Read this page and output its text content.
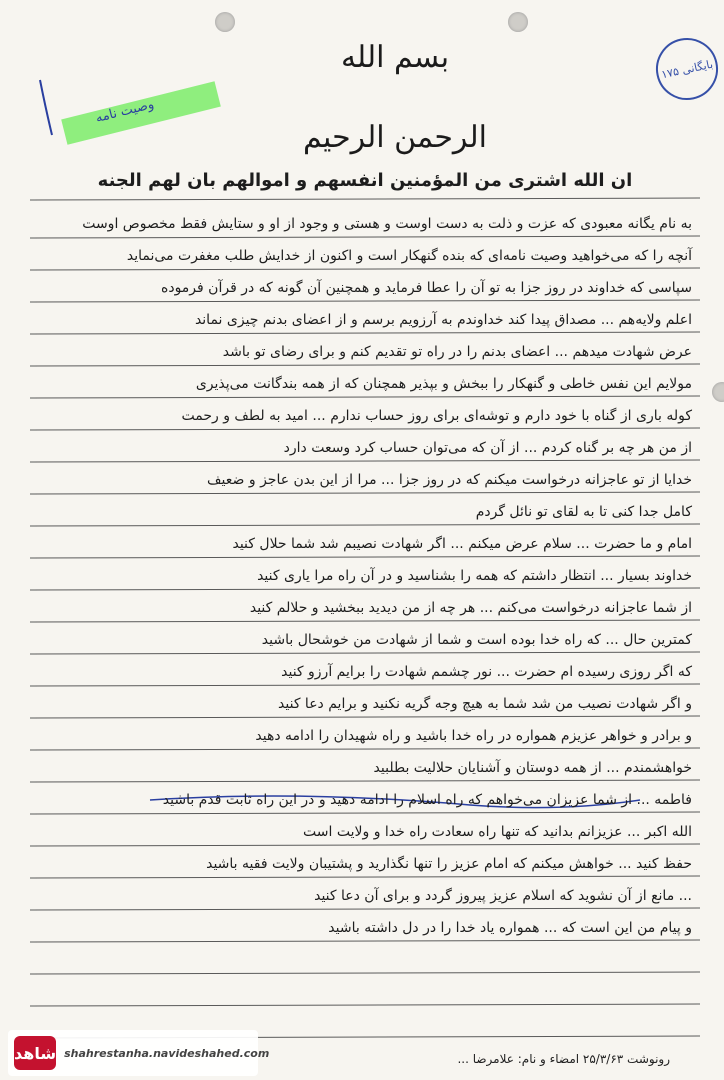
بسم الله الرحمن الرحیم
بایگانی ۱۷۵
وصیت نامه
ان الله اشتری من المؤمنین انفسهم و اموالهم بان لهم الجنه
به نام یگانه معبودی که عزت و ذلت به دست اوست و هستی و وجود از او و ستایش فقط مخصوص اوست
آنچه را که می‌خواهید وصیت نامه‌ای که بنده گنهکار است و اکنون از خدایش طلب مغفرت می‌نماید
سپاسی که خداوند در روز جزا به تو آن را عطا فرماید و همچنین آن گونه که در قرآن فرموده
اعلم ولایه‌هم ... مصداق پیدا کند خداوندم به آرزویم برسم و از اعضای بدنم چیزی نماند
عرض شهادت میدهم ... اعضای بدنم را در راه تو تقدیم کنم و برای رضای تو باشد
مولایم این نفس خاطی و گنهکار را ببخش و بپذیر همچنان که از همه بندگانت می‌پذیری
کوله باری از گناه با خود دارم و توشه‌ای برای روز حساب ندارم ... امید به لطف و رحمت
از من هر چه بر گناه کردم ... از آن که می‌توان حساب کرد وسعت دارد
خدایا از تو عاجزانه درخواست میکنم که در روز جزا ... مرا از این بدن عاجز و ضعیف
کامل جدا کنی تا به لقای تو نائل گردم
امام و ما حضرت ... سلام عرض میکنم ... اگر شهادت نصیبم شد شما حلال کنید
خداوند بسیار ... انتظار داشتم که همه را بشناسید و در آن راه مرا یاری کنید
از شما عاجزانه درخواست می‌کنم ... هر چه از من دیدید ببخشید و حلالم کنید
کمترین حال ... که راه خدا بوده است و شما از شهادت من خوشحال باشید
که اگر روزی رسیده ام حضرت ... نور چشمم شهادت را برایم آرزو کنید
و اگر شهادت نصیب من شد شما به هیچ وجه گریه نکنید و برایم دعا کنید
و برادر و خواهر عزیزم همواره در راه خدا باشید و راه شهیدان را ادامه دهید
خواهشمندم ... از همه دوستان و آشنایان حلالیت بطلبید
فاطمه ... از شما عزیزان می‌خواهم که راه اسلام را ادامه دهید و در این راه ثابت قدم باشید
الله اکبر ... عزیزانم بدانید که تنها راه سعادت راه خدا و ولایت است
حفظ کنید ... خواهش میکنم که امام عزیز را تنها نگذارید و پشتیبان ولایت فقیه باشید
... مانع از آن نشوید که اسلام عزیز پیروز گردد و برای آن دعا کنید
و پیام من این است که ... همواره یاد خدا را در دل داشته باشید
رونوشت ۲۵/۳/۶۳ امضاء و نام: علامرضا ...
شاهد shahrestanha.navideshahed.com
